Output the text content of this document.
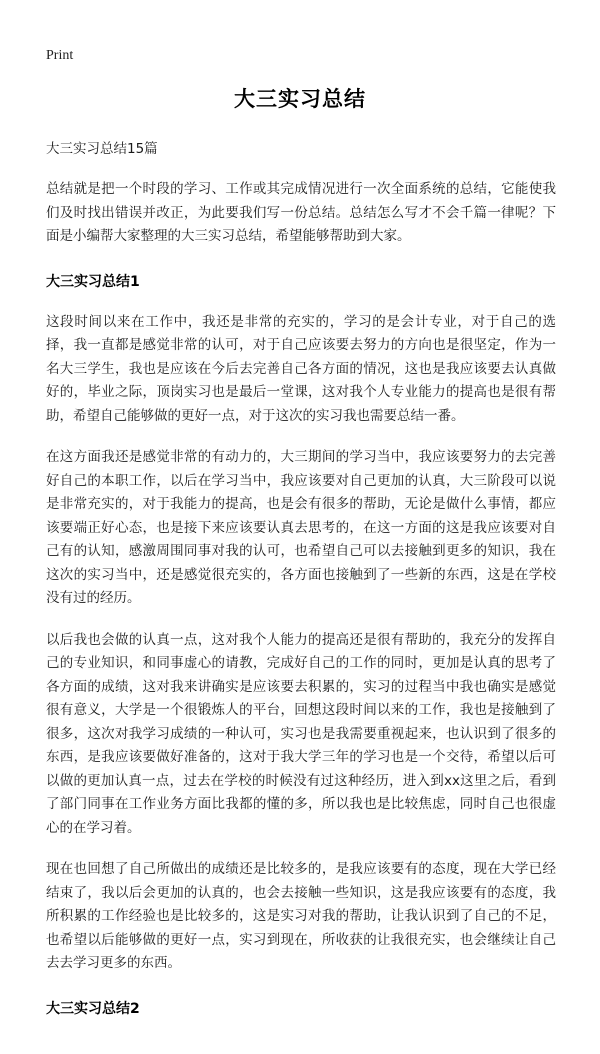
Print
大三实习总结
大三实习总结15篇

总结就是把一个时段的学习、工作或其完成情况进行一次全面系统的总结，它能使我们及时找出错误并改正，为此要我们写一份总结。总结怎么写才不会千篇一律呢？下面是小编帮大家整理的大三实习总结，希望能够帮助到大家。

大三实习总结1

这段时间以来在工作中，我还是非常的充实的，学习的是会计专业，对于自己的选择，我一直都是感觉非常的认可，对于自己应该要去努力的方向也是很坚定，作为一名大三学生，我也是应该在今后去完善自己各方面的情况，这也是我应该要去认真做好的，毕业之际，顶岗实习也是最后一堂课，这对我个人专业能力的提高也是很有帮助，希望自己能够做的更好一点，对于这次的实习我也需要总结一番。

在这方面我还是感觉非常的有动力的，大三期间的学习当中，我应该要努力的去完善好自己的本职工作，以后在学习当中，我应该要对自己更加的认真，大三阶段可以说是非常充实的，对于我能力的提高，也是会有很多的帮助，无论是做什么事情，都应该要端正好心态，也是接下来应该要认真去思考的，在这一方面的这是我应该要对自己有的认知，感激周围同事对我的认可，也希望自己可以去接触到更多的知识，我在这次的实习当中，还是感觉很充实的，各方面也接触到了一些新的东西，这是在学校没有过的经历。

以后我也会做的认真一点，这对我个人能力的提高还是很有帮助的，我充分的发挥自己的专业知识，和同事虚心的请教，完成好自己的工作的同时，更加是认真的思考了各方面的成绩，这对我来讲确实是应该要去积累的，实习的过程当中我也确实是感觉很有意义，大学是一个很锻炼人的平台，回想这段时间以来的工作，我也是接触到了很多，这次对我学习成绩的一种认可，实习也是我需要重视起来，也认识到了很多的东西，是我应该要做好准备的，这对于我大学三年的学习也是一个交待，希望以后可以做的更加认真一点，过去在学校的时候没有过这种经历，进入到xx这里之后，看到了部门同事在工作业务方面比我都的懂的多，所以我也是比较焦虑，同时自己也很虚心的在学习着。

现在也回想了自己所做出的成绩还是比较多的，是我应该要有的态度，现在大学已经结束了，我以后会更加的认真的，也会去接触一些知识，这是我应该要有的态度，我所积累的工作经验也是比较多的，这是实习对我的帮助，让我认识到了自己的不足，也希望以后能够做的更好一点，实习到现在，所收获的让我很充实，也会继续让自己去去学习更多的东西。

大三实习总结2
